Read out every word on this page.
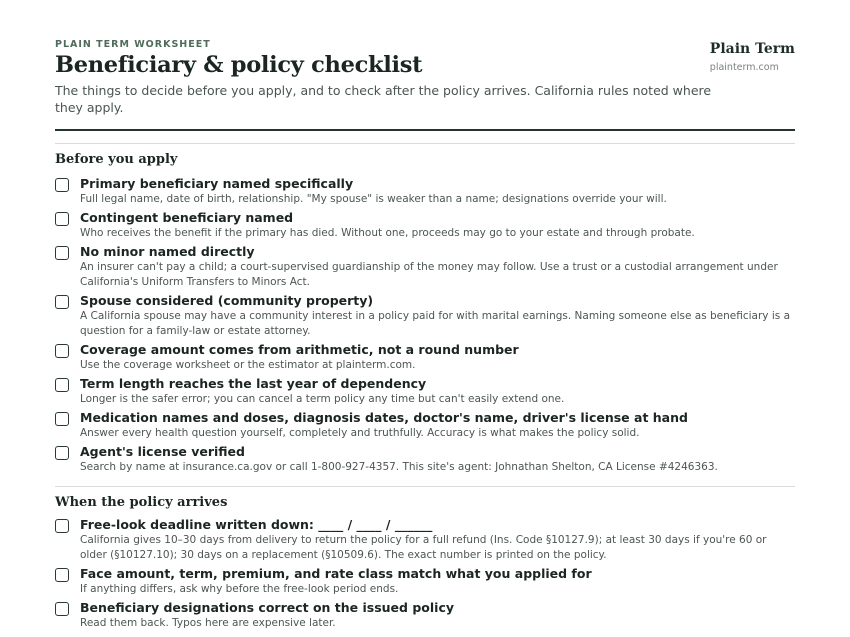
PLAIN TERM WORKSHEET
Beneficiary & policy checklist
The things to decide before you apply, and to check after the policy arrives. California rules noted where they apply.
Plain Term
plainterm.com
Before you apply
Primary beneficiary named specifically
Full legal name, date of birth, relationship. "My spouse" is weaker than a name; designations override your will.
Contingent beneficiary named
Who receives the benefit if the primary has died. Without one, proceeds may go to your estate and through probate.
No minor named directly
An insurer can't pay a child; a court-supervised guardianship of the money may follow. Use a trust or a custodial arrangement under California's Uniform Transfers to Minors Act.
Spouse considered (community property)
A California spouse may have a community interest in a policy paid for with marital earnings. Naming someone else as beneficiary is a question for a family-law or estate attorney.
Coverage amount comes from arithmetic, not a round number
Use the coverage worksheet or the estimator at plainterm.com.
Term length reaches the last year of dependency
Longer is the safer error; you can cancel a term policy any time but can't easily extend one.
Medication names and doses, diagnosis dates, doctor's name, driver's license at hand
Answer every health question yourself, completely and truthfully. Accuracy is what makes the policy solid.
Agent's license verified
Search by name at insurance.ca.gov or call 1-800-927-4357. This site's agent: Johnathan Shelton, CA License #4246363.
When the policy arrives
Free-look deadline written down: ____ / ____ / ______
California gives 10–30 days from delivery to return the policy for a full refund (Ins. Code §10127.9); at least 30 days if you're 60 or older (§10127.10); 30 days on a replacement (§10509.6). The exact number is printed on the policy.
Face amount, term, premium, and rate class match what you applied for
If anything differs, ask why before the free-look period ends.
Beneficiary designations correct on the issued policy
Read them back. Typos here are expensive later.
